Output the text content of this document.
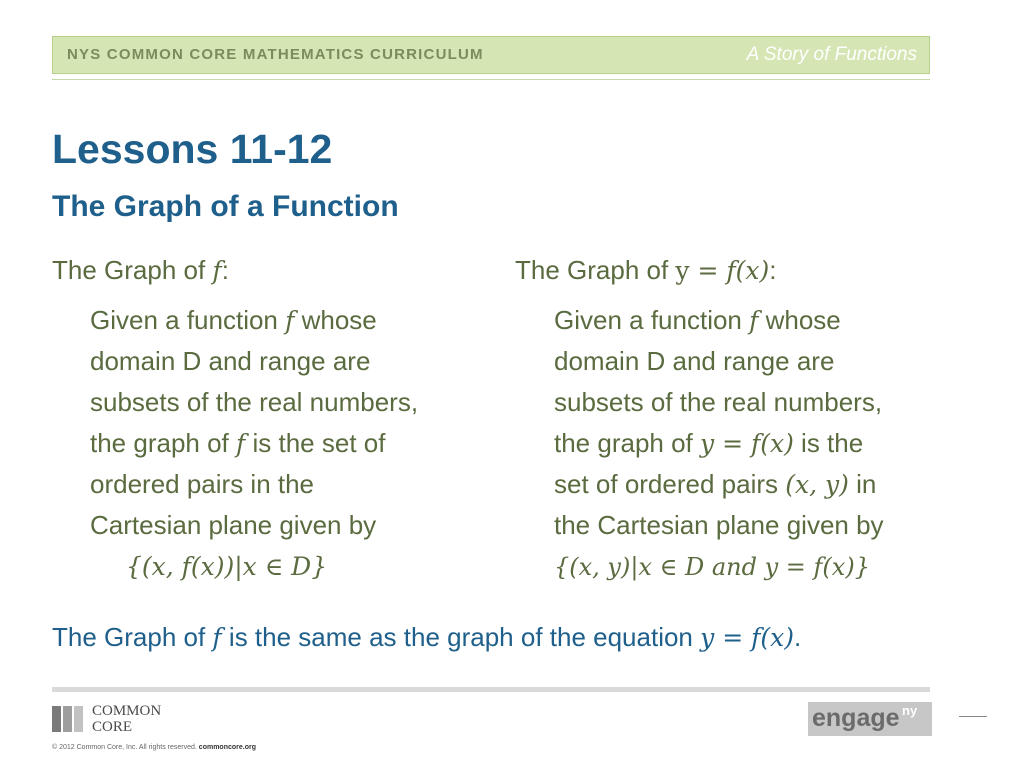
NYS COMMON CORE MATHEMATICS CURRICULUM	A Story of Functions
Lessons 11-12
The Graph of a Function
The Graph of f:
Given a function f whose
domain D and range are
subsets of the real numbers,
the graph of f is the set of
ordered pairs in the
Cartesian plane given by
{(x, f(x))|x ∈ D}
The Graph of y = f(x):
Given a function f whose
domain D and range are
subsets of the real numbers,
the graph of y = f(x) is the
set of ordered pairs (x, y) in
the Cartesian plane given by
{(x, y)|x ∈ D and y = f(x)}
The Graph of f is the same as the graph of the equation y = f(x).
COMMON
CORE
© 2012 Common Core, Inc. All rights reserved. commoncore.org
engage ny
